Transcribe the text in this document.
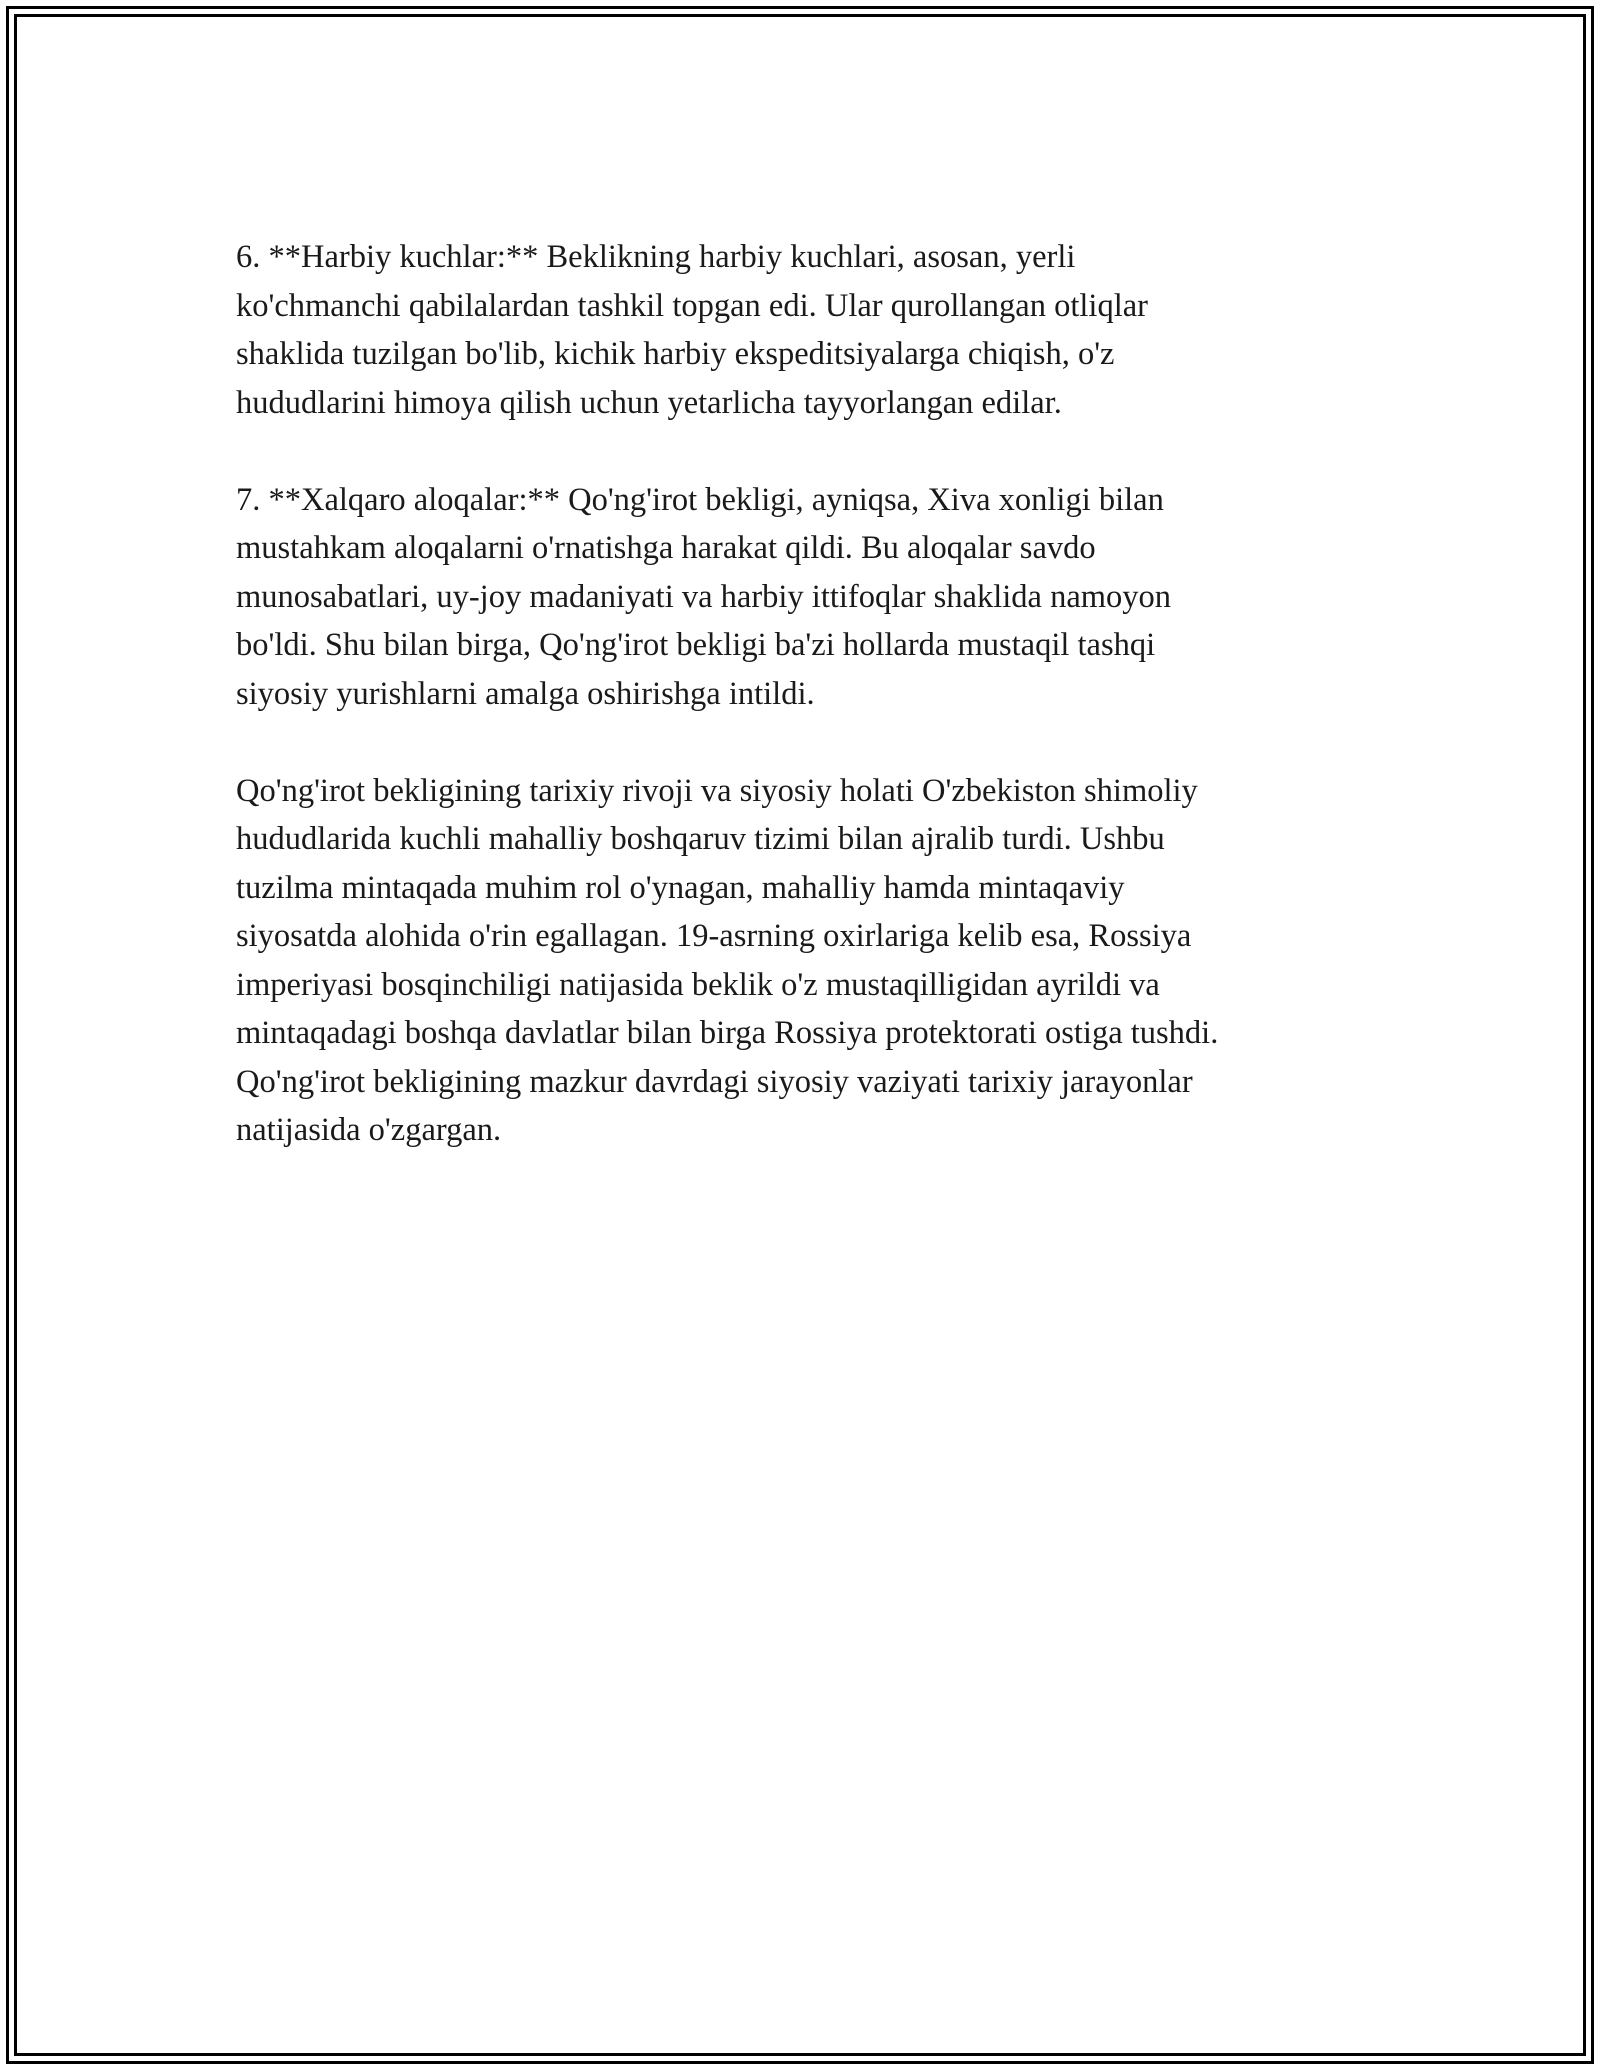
6. **Harbiy kuchlar:** Beklikning harbiy kuchlari, asosan, yerli
ko'chmanchi qabilalardan tashkil topgan edi. Ular qurollangan otliqlar
shaklida tuzilgan bo'lib, kichik harbiy ekspeditsiyalarga chiqish, o'z
hududlarini himoya qilish uchun yetarlicha tayyorlangan edilar.

7. **Xalqaro aloqalar:** Qo'ng'irot bekligi, ayniqsa, Xiva xonligi bilan
mustahkam aloqalarni o'rnatishga harakat qildi. Bu aloqalar savdo
munosabatlari, uy-joy madaniyati va harbiy ittifoqlar shaklida namoyon
bo'ldi. Shu bilan birga, Qo'ng'irot bekligi ba'zi hollarda mustaqil tashqi
siyosiy yurishlarni amalga oshirishga intildi.

Qo'ng'irot bekligining tarixiy rivoji va siyosiy holati O'zbekiston shimoliy
hududlarida kuchli mahalliy boshqaruv tizimi bilan ajralib turdi. Ushbu
tuzilma mintaqada muhim rol o'ynagan, mahalliy hamda mintaqaviy
siyosatda alohida o'rin egallagan. 19-asrning oxirlariga kelib esa, Rossiya
imperiyasi bosqinchiligi natijasida beklik o'z mustaqilligidan ayrildi va
mintaqadagi boshqa davlatlar bilan birga Rossiya protektorati ostiga tushdi.
Qo'ng'irot bekligining mazkur davrdagi siyosiy vaziyati tarixiy jarayonlar
natijasida o'zgargan.
